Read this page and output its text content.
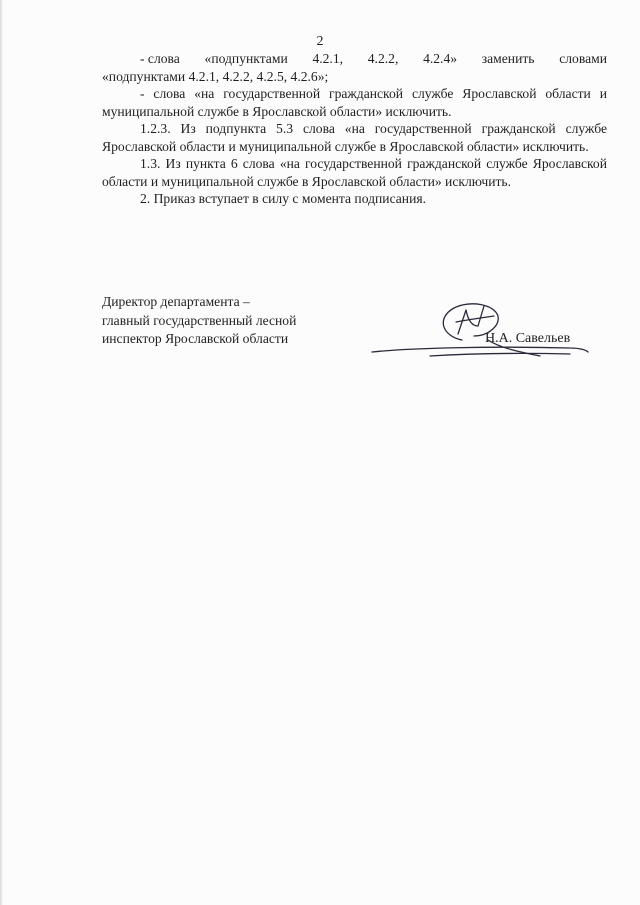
2
- слова «подпунктами 4.2.1, 4.2.2, 4.2.4» заменить словами

«подпунктами 4.2.1, 4.2.2, 4.2.5, 4.2.6»;

- слова «на государственной гражданской службе Ярославской области и муниципальной службе в Ярославской области» исключить.

1.2.3. Из подпункта 5.3 слова «на государственной гражданской службе Ярославской области и муниципальной службе в Ярославской области» исключить.

1.3. Из пункта 6 слова «на государственной гражданской службе Ярославской области и муниципальной службе в Ярославской области» исключить.

2. Приказ вступает в силу с момента подписания.

Директор департамента –
главный государственный лесной
инспектор Ярославской области	Н.А. Савельев
